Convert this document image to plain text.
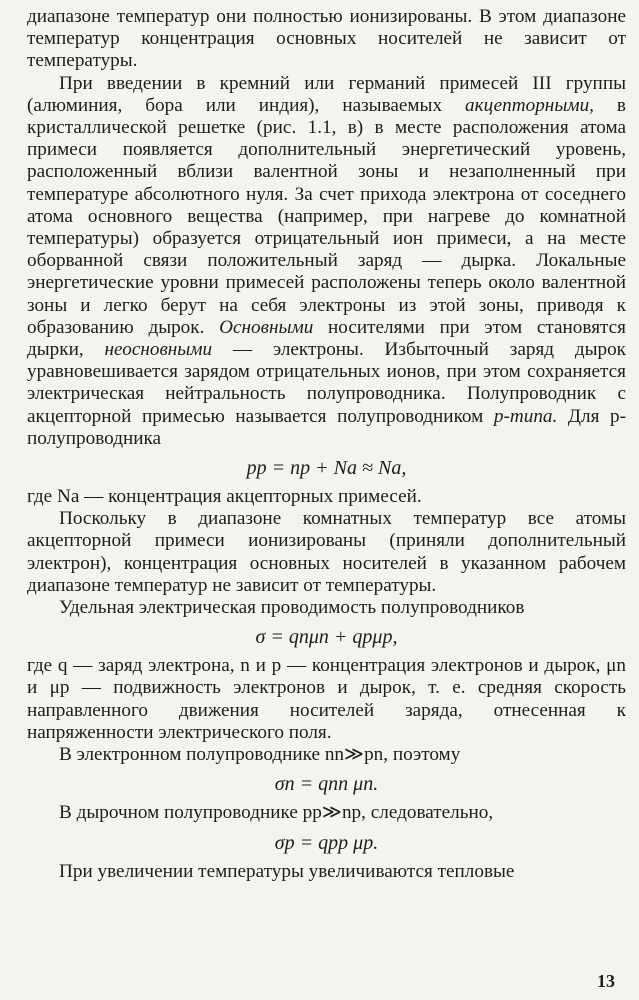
диапазоне температур они полностью ионизированы. В этом диапазоне температур концентрация основных носителей не зависит от температуры.

При введении в кремний или германий примесей III группы (алюминия, бора или индия), называемых акцепторными, в кристаллической решетке (рис. 1.1, в) в месте расположения атома примеси появляется дополнительный энергетический уровень, расположенный вблизи валентной зоны и незаполненный при температуре абсолютного нуля. За счет прихода электрона от соседнего атома основного вещества (например, при нагреве до комнатной температуры) образуется отрицательный ион примеси, а на месте оборванной связи положительный заряд — дырка. Локальные энергетические уровни примесей расположены теперь около валентной зоны и легко берут на себя электроны из этой зоны, приводя к образованию дырок. Основными носителями при этом становятся дырки, неосновными — электроны. Избыточный заряд дырок уравновешивается зарядом отрицательных ионов, при этом сохраняется электрическая нейтральность полупроводника. Полупроводник с акцепторной примесью называется полупроводником p-типа. Для p-полупроводника

pp = np + Nа ≈ Nа,

где Nа — концентрация акцепторных примесей.

Поскольку в диапазоне комнатных температур все атомы акцепторной примеси ионизированы (приняли дополнительный электрон), концентрация основных носителей в указанном рабочем диапазоне температур не зависит от температуры.

Удельная электрическая проводимость полупроводников

σ = qnμn + qpμp,

где q — заряд электрона, n и p — концентрация электронов и дырок, μn и μp — подвижность электронов и дырок, т. е. средняя скорость направленного движения носителей заряда, отнесенная к напряженности электрического поля.

В электронном полупроводнике nn≫pn, поэтому

σn = qnn μn.

В дырочном полупроводнике pp≫np, следовательно,

σp = qpp μp.

При увеличении температуры увеличиваются тепловые

13
